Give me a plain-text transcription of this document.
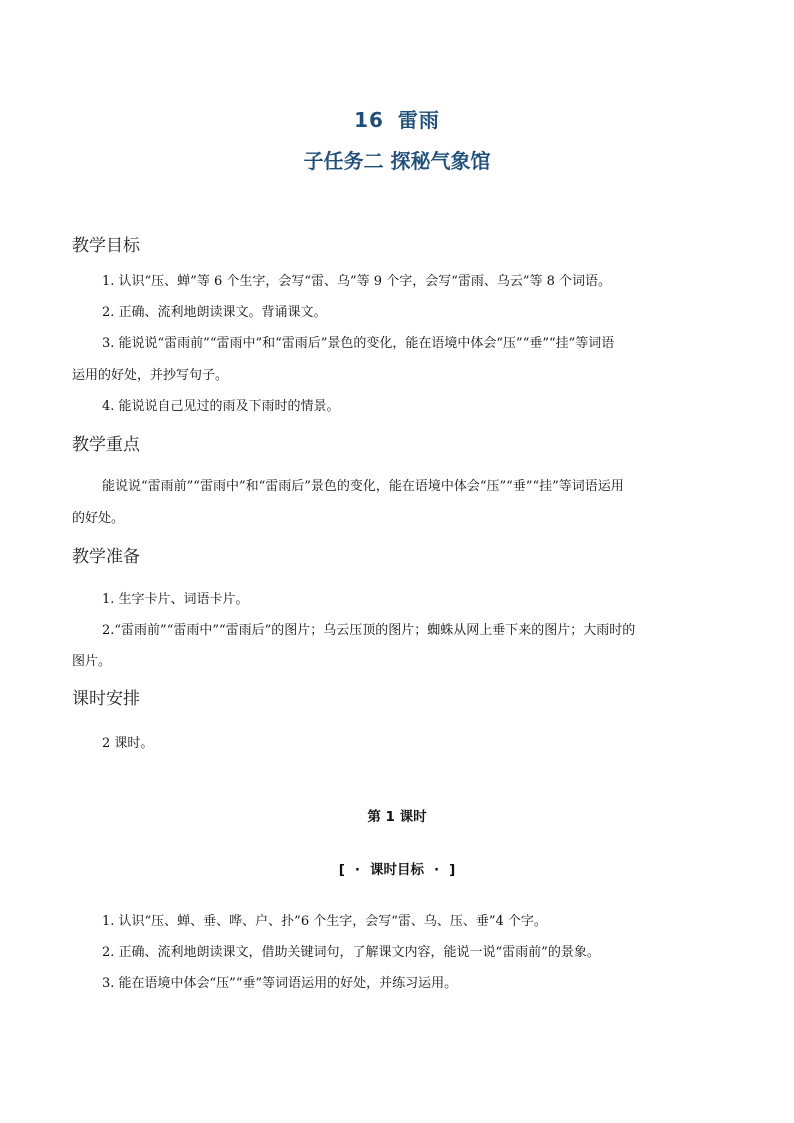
16 雷雨
子任务二 探秘气象馆
教学目标
1. 认识“压、蝉”等 6 个生字，会写“雷、乌”等 9 个字，会写“雷雨、乌云”等 8 个词语。
2. 正确、流利地朗读课文。背诵课文。
3. 能说说“雷雨前”“雷雨中”和“雷雨后”景色的变化，能在语境中体会“压”“垂”“挂”等词语
运用的好处，并抄写句子。
4. 能说说自己见过的雨及下雨时的情景。
教学重点
能说说“雷雨前”“雷雨中”和“雷雨后”景色的变化，能在语境中体会“压”“垂”“挂”等词语运用
的好处。
教学准备
1. 生字卡片、词语卡片。
2.“雷雨前”“雷雨中”“雷雨后”的图片；乌云压顶的图片；蜘蛛从网上垂下来的图片；大雨时的
图片。
课时安排
2 课时。
第 1 课时
[ · 课时目标 · ]
1. 认识“压、蝉、垂、哗、户、扑”6 个生字，会写“雷、乌、压、垂”4 个字。
2. 正确、流利地朗读课文，借助关键词句，了解课文内容，能说一说“雷雨前”的景象。
3. 能在语境中体会“压”“垂”等词语运用的好处，并练习运用。
